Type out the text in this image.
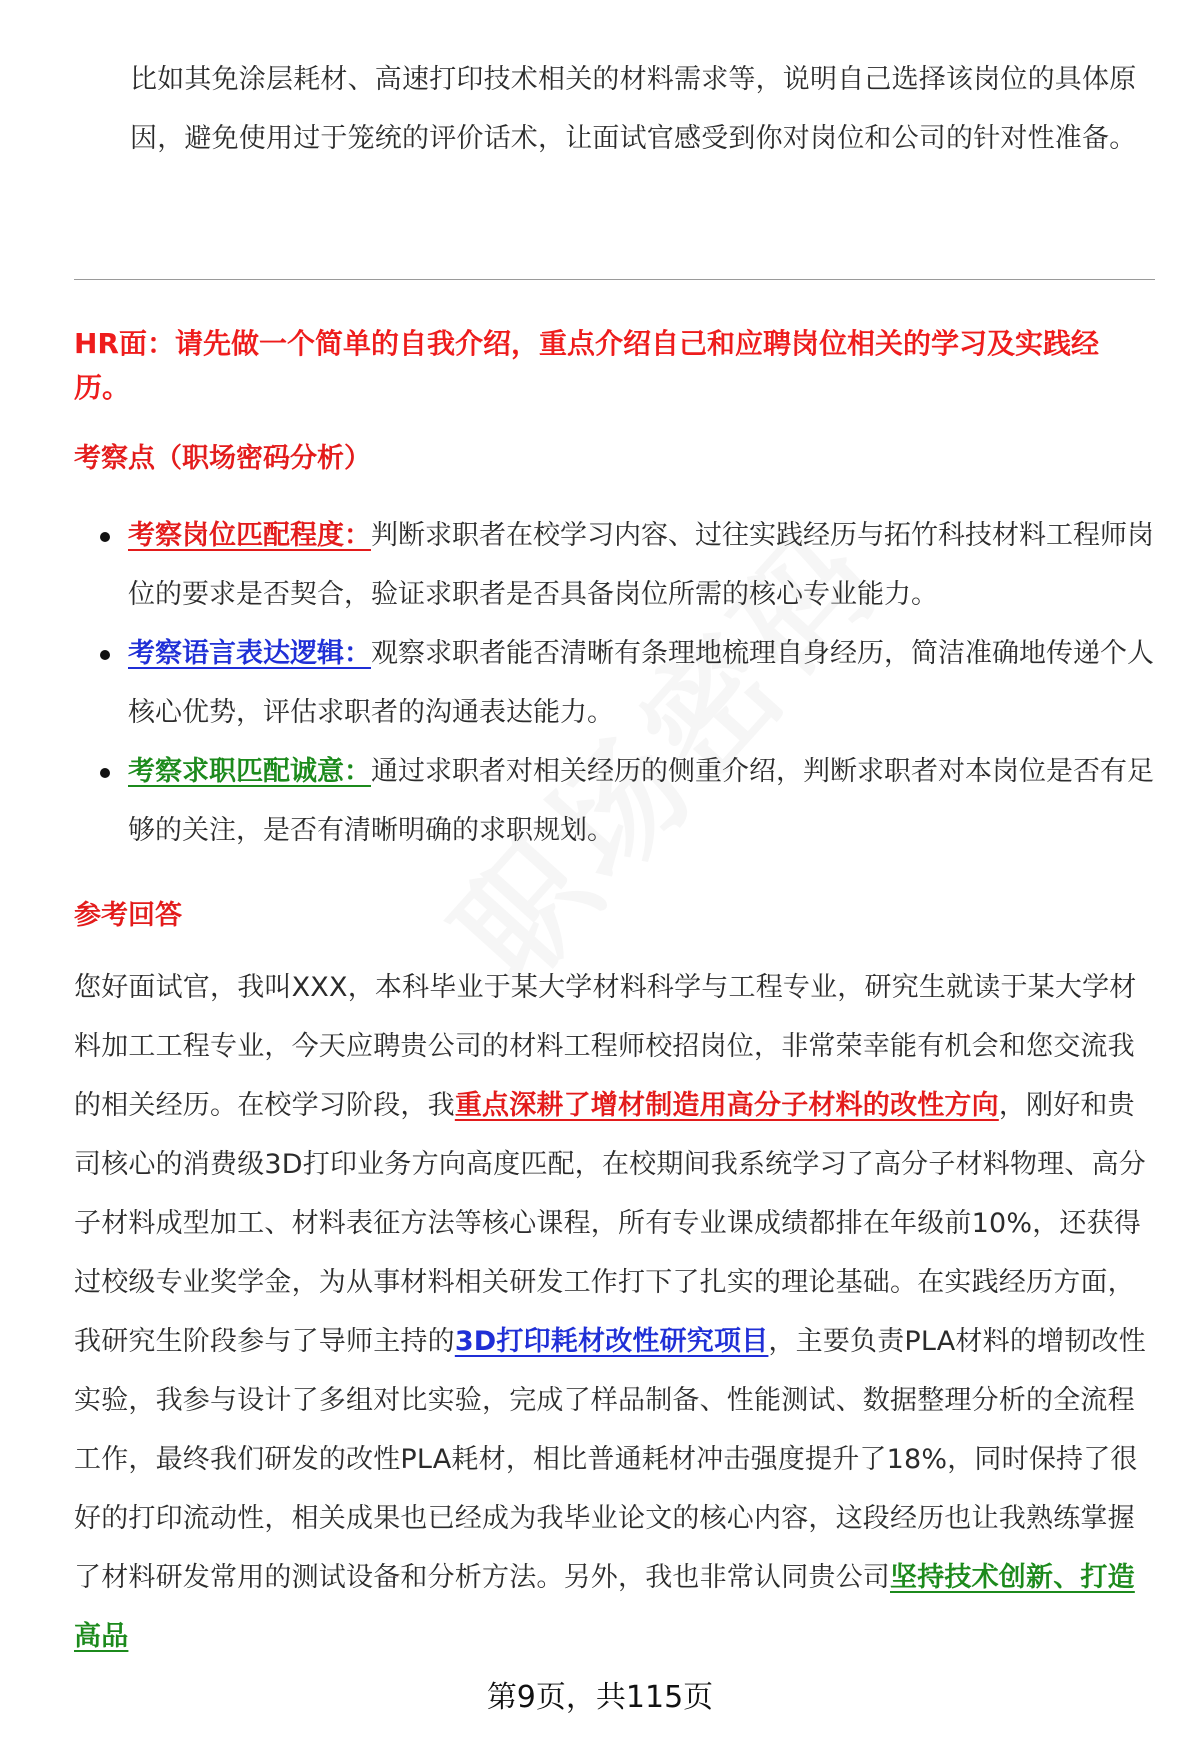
比如其免涂层耗材、高速打印技术相关的材料需求等，说明自己选择该岗位的具体原因，避免使用过于笼统的评价话术，让面试官感受到你对岗位和公司的针对性准备。

HR面：请先做一个简单的自我介绍，重点介绍自己和应聘岗位相关的学习及实践经历。

考察点（职场密码分析）

考察岗位匹配程度：判断求职者在校学习内容、过往实践经历与拓竹科技材料工程师岗位的要求是否契合，验证求职者是否具备岗位所需的核心专业能力。
考察语言表达逻辑：观察求职者能否清晰有条理地梳理自身经历，简洁准确地传递个人核心优势，评估求职者的沟通表达能力。
考察求职匹配诚意：通过求职者对相关经历的侧重介绍，判断求职者对本岗位是否有足够的关注，是否有清晰明确的求职规划。

参考回答

您好面试官，我叫XXX，本科毕业于某大学材料科学与工程专业，研究生就读于某大学材料加工工程专业，今天应聘贵公司的材料工程师校招岗位，非常荣幸能有机会和您交流我的相关经历。在校学习阶段，我重点深耕了增材制造用高分子材料的改性方向，刚好和贵司核心的消费级3D打印业务方向高度匹配，在校期间我系统学习了高分子材料物理、高分子材料成型加工、材料表征方法等核心课程，所有专业课成绩都排在年级前10%，还获得过校级专业奖学金，为从事材料相关研发工作打下了扎实的理论基础。在实践经历方面，我研究生阶段参与了导师主持的3D打印耗材改性研究项目，主要负责PLA材料的增韧改性实验，我参与设计了多组对比实验，完成了样品制备、性能测试、数据整理分析的全流程工作，最终我们研发的改性PLA耗材，相比普通耗材冲击强度提升了18%，同时保持了很好的打印流动性，相关成果也已经成为我毕业论文的核心内容，这段经历也让我熟练掌握了材料研发常用的测试设备和分析方法。另外，我也非常认同贵公司坚持技术创新、打造高品

第9页，共115页
